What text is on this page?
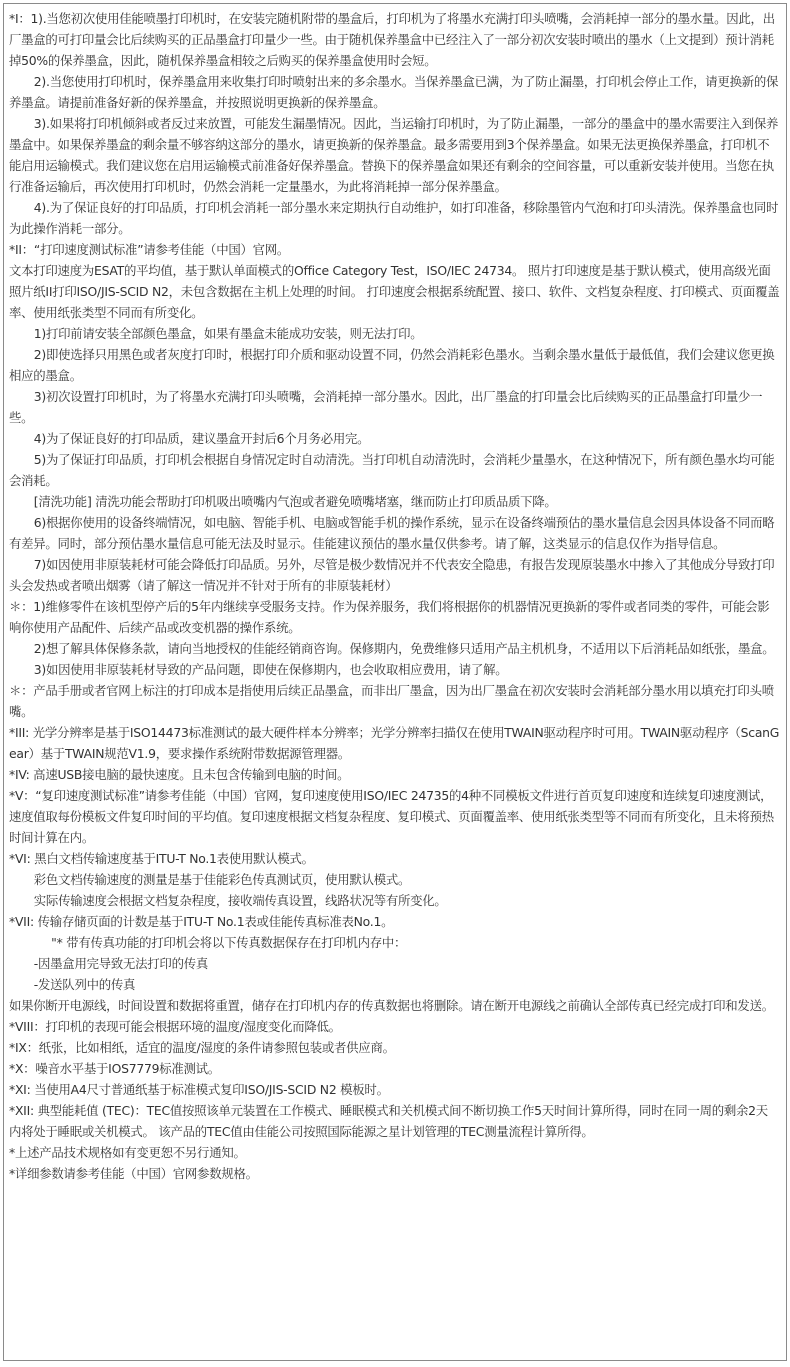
*I：1).当您初次使用佳能喷墨打印机时，在安装完随机附带的墨盒后，打印机为了将墨水充满打印头喷嘴，会消耗掉一部分的墨水量。因此，出厂墨盒的可打印量会比后续购买的正品墨盒打印量少一些。由于随机保养墨盒中已经注入了一部分初次安装时喷出的墨水（上文提到）预计消耗掉50%的保养墨盒，因此，随机保养墨盒相较之后购买的保养墨盒使用时会短。

2).当您使用打印机时，保养墨盒用来收集打印时喷射出来的多余墨水。当保养墨盒已满，为了防止漏墨，打印机会停止工作，请更换新的保养墨盒。请提前准备好新的保养墨盒，并按照说明更换新的保养墨盒。

3).如果将打印机倾斜或者反过来放置，可能发生漏墨情况。因此，当运输打印机时，为了防止漏墨，一部分的墨盒中的墨水需要注入到保养墨盒中。如果保养墨盒的剩余量不够容纳这部分的墨水，请更换新的保养墨盒。最多需要用到3个保养墨盒。如果无法更换保养墨盒，打印机不能启用运输模式。我们建议您在启用运输模式前准备好保养墨盒。替换下的保养墨盒如果还有剩余的空间容量，可以重新安装并使用。当您在执行准备运输后，再次使用打印机时，仍然会消耗一定量墨水，为此将消耗掉一部分保养墨盒。

4).为了保证良好的打印品质，打印机会消耗一部分墨水来定期执行自动维护，如打印准备，移除墨管内气泡和打印头清洗。保养墨盒也同时为此操作消耗一部分。

*II：“打印速度测试标准”请参考佳能（中国）官网。

文本打印速度为ESAT的平均值，基于默认单面模式的Office Category Test，ISO/IEC 24734。 照片打印速度是基于默认模式，使用高级光面照片纸II打印ISO/JIS-SCID N2，未包含数据在主机上处理的时间。 打印速度会根据系统配置、接口、软件、文档复杂程度、打印模式、页面覆盖率、使用纸张类型不同而有所变化。

1)打印前请安装全部颜色墨盒，如果有墨盒未能成功安装，则无法打印。

2)即使选择只用黑色或者灰度打印时，根据打印介质和驱动设置不同，仍然会消耗彩色墨水。当剩余墨水量低于最低值，我们会建议您更换相应的墨盒。

3)初次设置打印机时，为了将墨水充满打印头喷嘴，会消耗掉一部分墨水。因此，出厂墨盒的打印量会比后续购买的正品墨盒打印量少一些。

4)为了保证良好的打印品质，建议墨盒开封后6个月务必用完。

5)为了保证打印品质，打印机会根据自身情况定时自动清洗。当打印机自动清洗时，会消耗少量墨水，在这种情况下，所有颜色墨水均可能会消耗。

[清洗功能] 清洗功能会帮助打印机吸出喷嘴内气泡或者避免喷嘴堵塞，继而防止打印质品质下降。

6)根据你使用的设备终端情况，如电脑、智能手机、电脑或智能手机的操作系统，显示在设备终端预估的墨水量信息会因具体设备不同而略有差异。同时，部分预估墨水量信息可能无法及时显示。佳能建议预估的墨水量仅供参考。请了解，这类显示的信息仅作为指导信息。

7)如因使用非原装耗材可能会降低打印品质。另外，尽管是极少数情况并不代表安全隐患，有报告发现原装墨水中掺入了其他成分导致打印头会发热或者喷出烟雾（请了解这一情况并不针对于所有的非原装耗材）

＊：1)维修零件在该机型停产后的5年内继续享受服务支持。作为保养服务，我们将根据你的机器情况更换新的零件或者同类的零件，可能会影响你使用产品配件、后续产品或改变机器的操作系统。

2)想了解具体保修条款，请向当地授权的佳能经销商咨询。保修期内，免费维修只适用产品主机机身，不适用以下后消耗品如纸张，墨盒。

3)如因使用非原装耗材导致的产品问题，即使在保修期内，也会收取相应费用，请了解。

＊：产品手册或者官网上标注的打印成本是指使用后续正品墨盒，而非出厂墨盒，因为出厂墨盒在初次安装时会消耗部分墨水用以填充打印头喷嘴。

*III: 光学分辨率是基于ISO14473标准测试的最大硬件样本分辨率；光学分辨率扫描仅在使用TWAIN驱动程序时可用。TWAIN驱动程序（ScanGear）基于TWAIN规范V1.9，要求操作系统附带数据源管理器。

*IV: 高速USB接电脑的最快速度。且未包含传输到电脑的时间。

*V：“复印速度测试标准”请参考佳能（中国）官网，复印速度使用ISO/IEC 24735的4种不同模板文件进行首页复印速度和连续复印速度测试，速度值取每份模板文件复印时间的平均值。复印速度根据文档复杂程度、复印模式、页面覆盖率、使用纸张类型等不同而有所变化，且未将预热时间计算在内。

*VI: 黑白文档传输速度基于ITU-T No.1表使用默认模式。

彩色文档传输速度的测量是基于佳能彩色传真测试页，使用默认模式。

实际传输速度会根据文档复杂程度，接收端传真设置，线路状况等有所变化。

*VII: 传输存储页面的计数是基于ITU-T No.1表或佳能传真标准表No.1。

"* 带有传真功能的打印机会将以下传真数据保存在打印机内存中：

-因墨盒用完导致无法打印的传真

-发送队列中的传真

如果你断开电源线，时间设置和数据将重置，储存在打印机内存的传真数据也将删除。请在断开电源线之前确认全部传真已经完成打印和发送。

*VIII：打印机的表现可能会根据环境的温度/湿度变化而降低。

*IX：纸张，比如相纸，适宜的温度/湿度的条件请参照包装或者供应商。

*X：噪音水平基于IOS7779标准测试。

*XI: 当使用A4尺寸普通纸基于标准模式复印ISO/JIS-SCID N2 模板时。

*XII: 典型能耗值 (TEC)：TEC值按照该单元装置在工作模式、睡眠模式和关机模式间不断切换工作5天时间计算所得，同时在同一周的剩余2天内将处于睡眠或关机模式。 该产品的TEC值由佳能公司按照国际能源之星计划管理的TEC测量流程计算所得。

*上述产品技术规格如有变更恕不另行通知。

*详细参数请参考佳能（中国）官网参数规格。
